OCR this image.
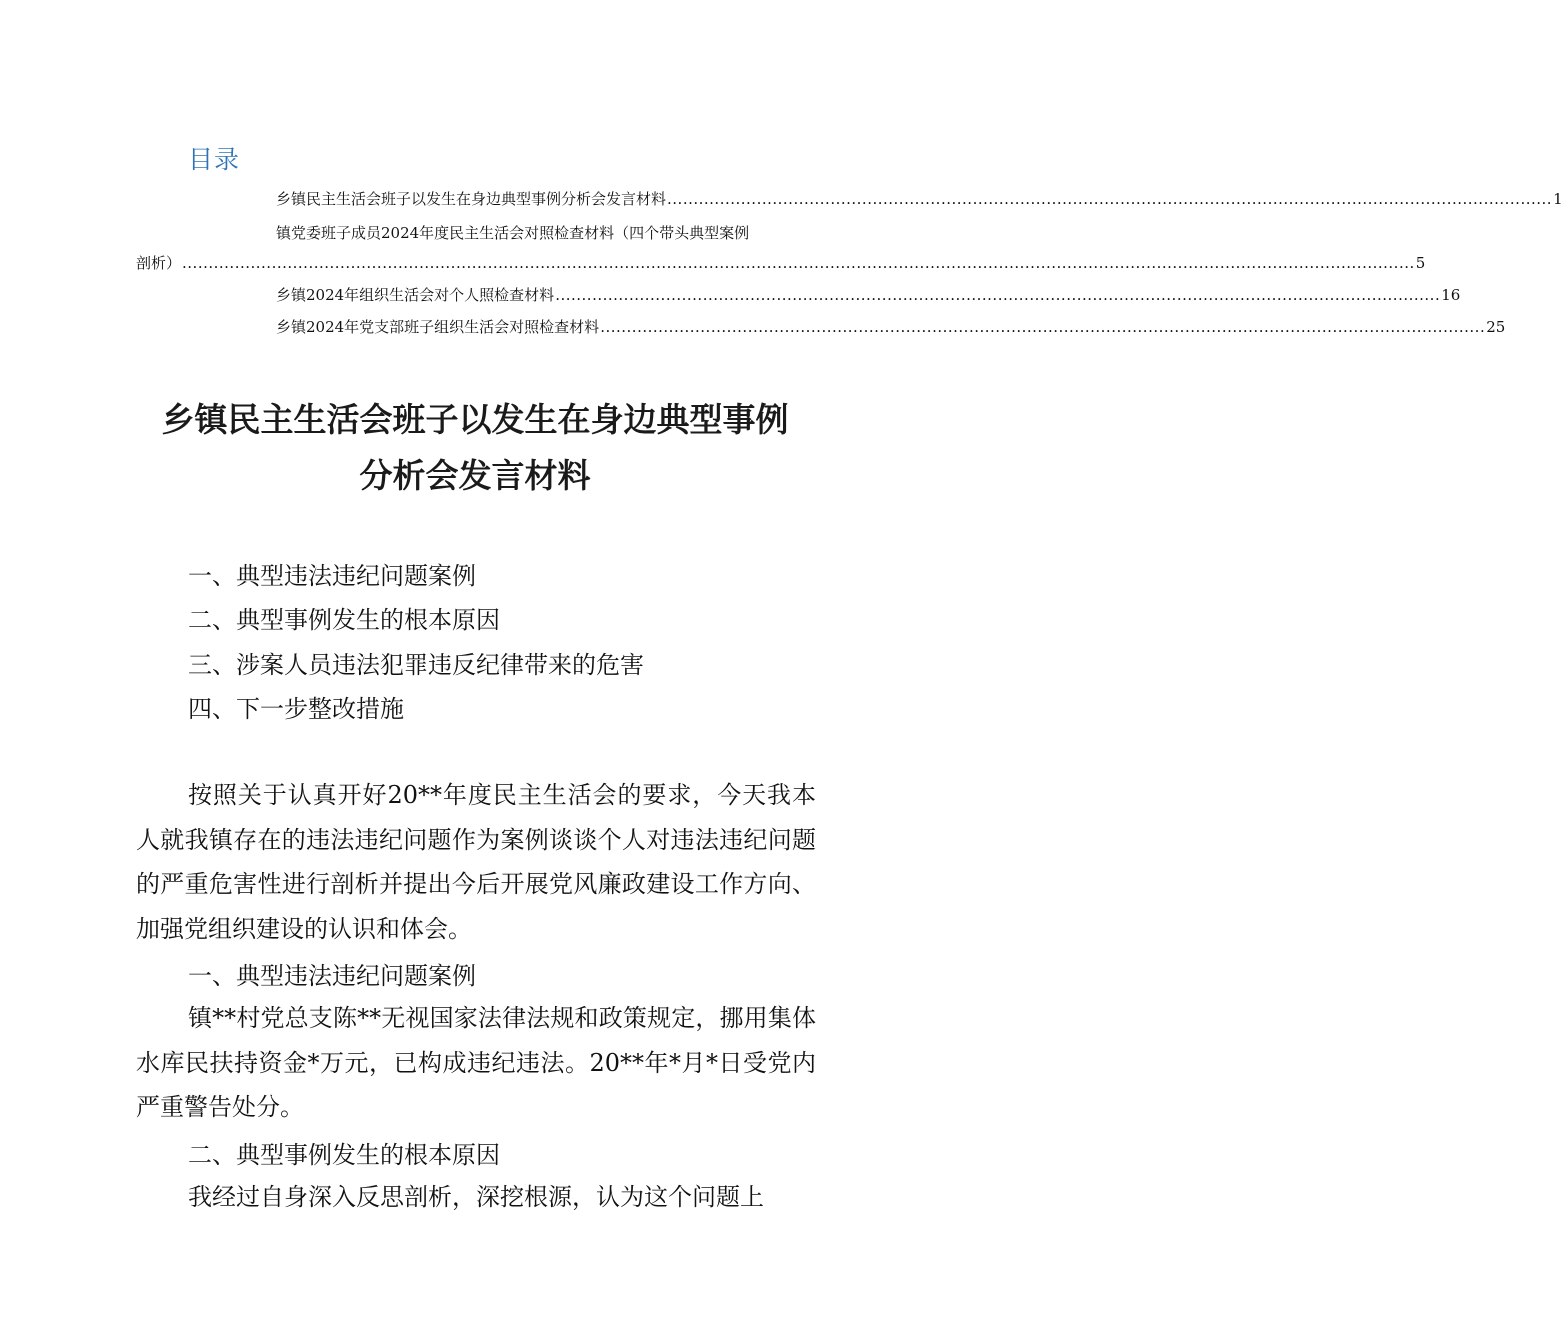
目录
乡镇民主生活会班子以发生在身边典型事例分析会发言材料 ........................................................................................................................................................................ 1
镇党委班子成员2024年度民主生活会对照检查材料（四个带头典型案例
剖析） .......................................................................................................................................................................................................................................... 5
乡镇2024年组织生活会对个人照检查材料 ........................................................................................................................................................................ 16
乡镇2024年党支部班子组织生活会对照检查材料 ........................................................................................................................................................................ 25
乡镇民主生活会班子以发生在身边典型事例
分析会发言材料
一、典型违法违纪问题案例
二、典型事例发生的根本原因
三、涉案人员违法犯罪违反纪律带来的危害
四、下一步整改措施
按照关于认真开好20**年度民主生活会的要求，今天我本人就我镇存在的违法违纪问题作为案例谈谈个人对违法违纪问题的严重危害性进行剖析并提出今后开展党风廉政建设工作方向、加强党组织建设的认识和体会。
一、典型违法违纪问题案例
镇**村党总支陈**无视国家法律法规和政策规定，挪用集体水库民扶持资金*万元，已构成违纪违法。20**年*月*日受党内严重警告处分。
二、典型事例发生的根本原因
我经过自身深入反思剖析，深挖根源，认为这个问题上
